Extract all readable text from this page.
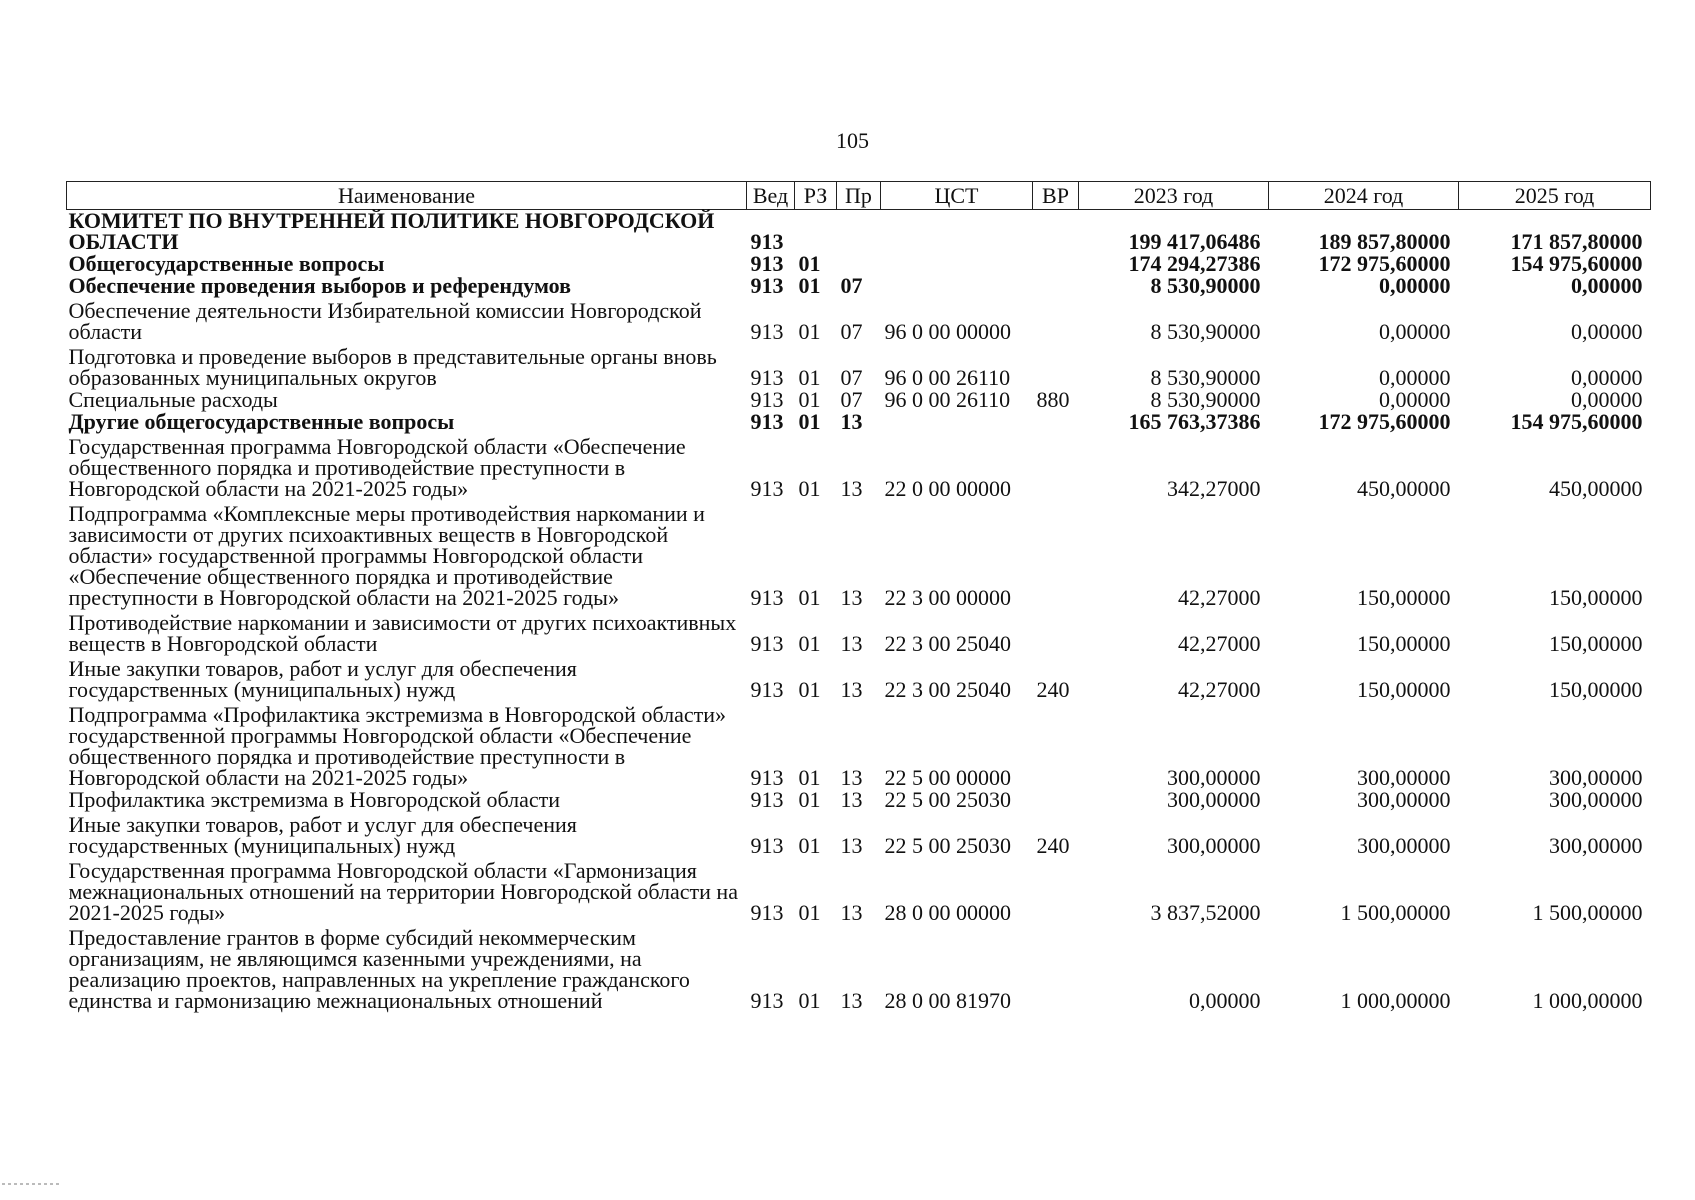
105
Наименование	Вед	РЗ	Пр	ЦСТ	ВР	2023 год	2024 год	2025 год
КОМИТЕТ ПО ВНУТРЕННЕЙ ПОЛИТИКЕ НОВГОРОДСКОЙ ОБЛАСТИ	913					199 417,06486	189 857,80000	171 857,80000
Общегосударственные вопросы	913	01				174 294,27386	172 975,60000	154 975,60000
Обеспечение проведения выборов и референдумов	913	01	07			8 530,90000	0,00000	0,00000
Обеспечение деятельности Избирательной комиссии Новгородской области	913	01	07	96 0 00 00000		8 530,90000	0,00000	0,00000
Подготовка и проведение выборов в представительные органы вновь образованных муниципальных округов	913	01	07	96 0 00 26110		8 530,90000	0,00000	0,00000
Специальные расходы	913	01	07	96 0 00 26110	880	8 530,90000	0,00000	0,00000
Другие общегосударственные вопросы	913	01	13			165 763,37386	172 975,60000	154 975,60000
Государственная программа Новгородской области «Обеспечение общественного порядка и противодействие преступности в Новгородской области на 2021-2025 годы»	913	01	13	22 0 00 00000		342,27000	450,00000	450,00000
Подпрограмма «Комплексные меры противодействия наркомании и зависимости от других психоактивных веществ в Новгородской области» государственной программы Новгородской области «Обеспечение общественного порядка и противодействие преступности в Новгородской области на 2021-2025 годы»	913	01	13	22 3 00 00000		42,27000	150,00000	150,00000
Противодействие наркомании и зависимости от других психоактивных веществ в Новгородской области	913	01	13	22 3 00 25040		42,27000	150,00000	150,00000
Иные закупки товаров, работ и услуг для обеспечения государственных (муниципальных) нужд	913	01	13	22 3 00 25040	240	42,27000	150,00000	150,00000
Подпрограмма «Профилактика экстремизма в Новгородской области» государственной программы Новгородской области «Обеспечение общественного порядка и противодействие преступности в Новгородской области на 2021-2025 годы»	913	01	13	22 5 00 00000		300,00000	300,00000	300,00000
Профилактика экстремизма в Новгородской области	913	01	13	22 5 00 25030		300,00000	300,00000	300,00000
Иные закупки товаров, работ и услуг для обеспечения государственных (муниципальных) нужд	913	01	13	22 5 00 25030	240	300,00000	300,00000	300,00000
Государственная программа Новгородской области «Гармонизация межнациональных отношений на территории Новгородской области на 2021-2025 годы»	913	01	13	28 0 00 00000		3 837,52000	1 500,00000	1 500,00000
Предоставление грантов в форме субсидий некоммерческим организациям, не являющимся казенными учреждениями, на реализацию проектов, направленных на укрепление гражданского единства и гармонизацию межнациональных отношений	913	01	13	28 0 00 81970		0,00000	1 000,00000	1 000,00000
